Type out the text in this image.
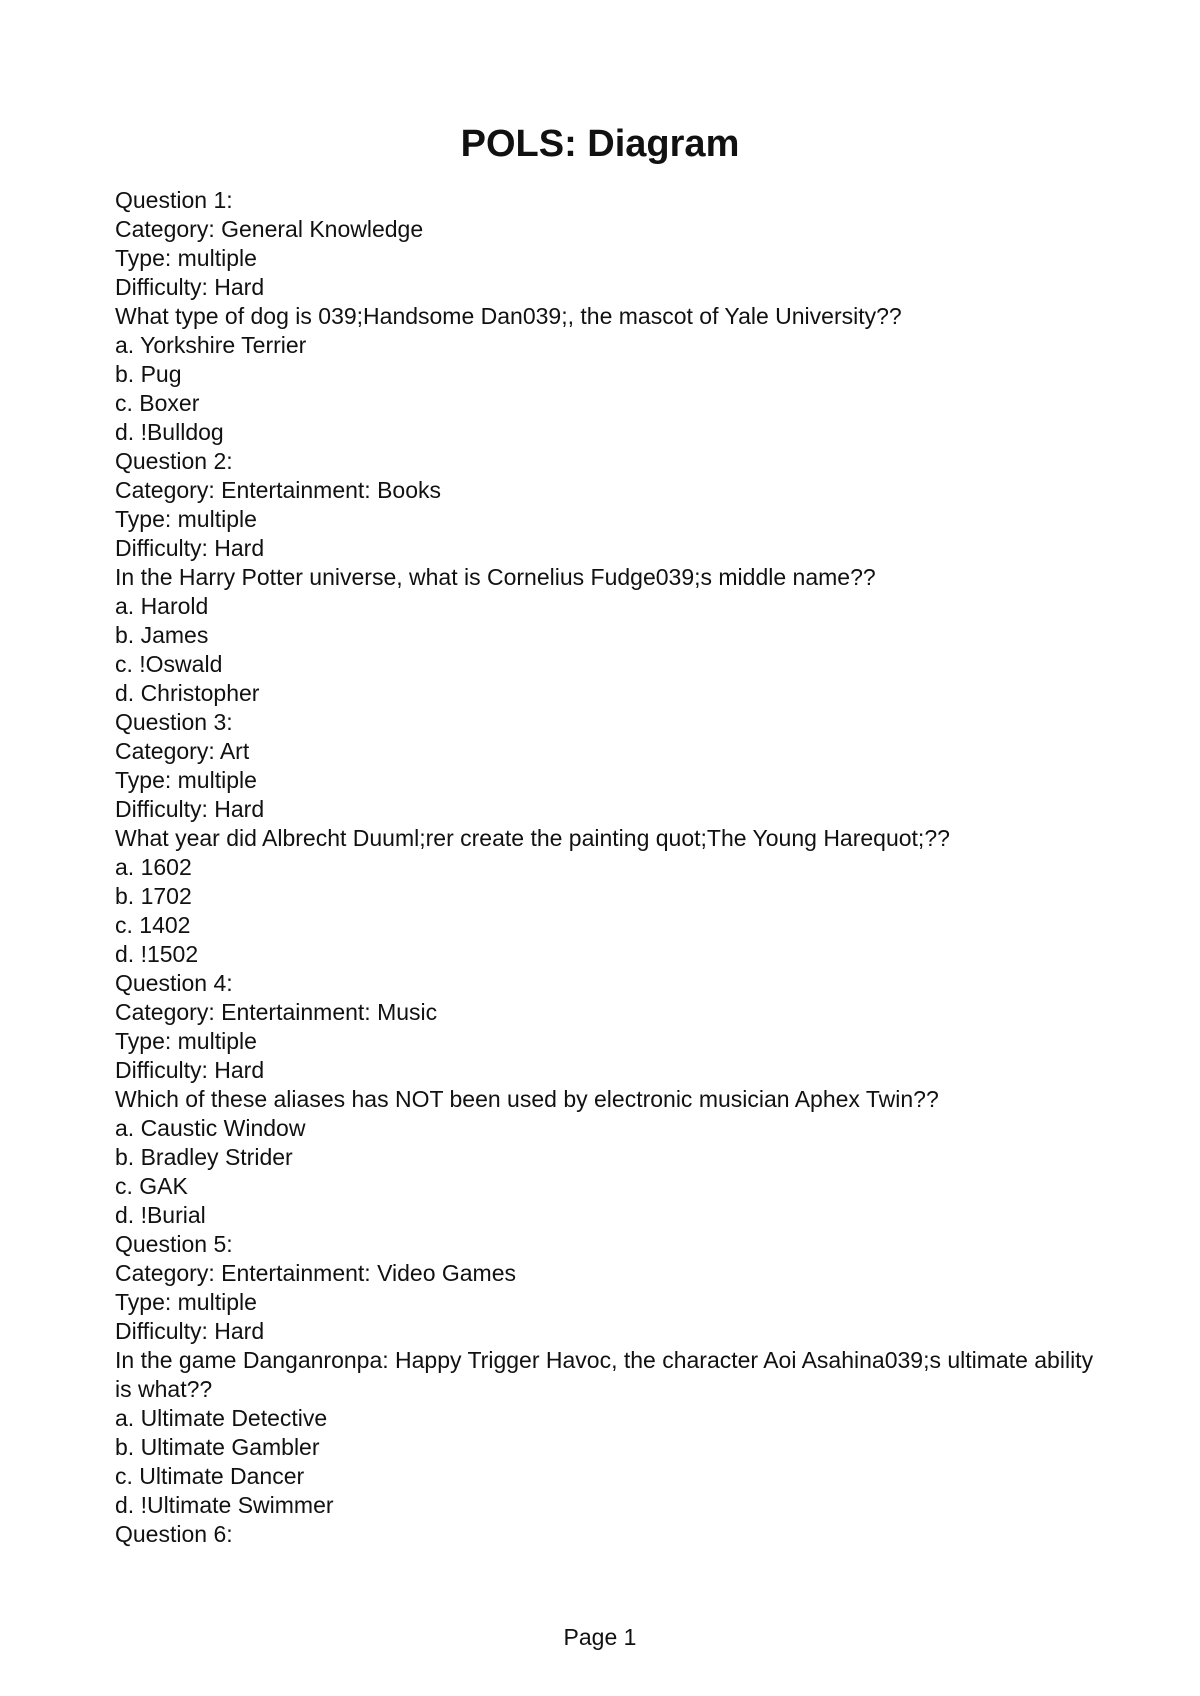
POLS: Diagram
Question 1:
Category: General Knowledge
Type: multiple
Difficulty: Hard
What type of dog is 039;Handsome Dan039;, the mascot of Yale University??
a. Yorkshire Terrier
b. Pug
c. Boxer
d. !Bulldog
Question 2:
Category: Entertainment: Books
Type: multiple
Difficulty: Hard
In the Harry Potter universe, what is Cornelius Fudge039;s middle name??
a. Harold
b. James
c. !Oswald
d. Christopher
Question 3:
Category: Art
Type: multiple
Difficulty: Hard
What year did Albrecht Duuml;rer create the painting quot;The Young Harequot;??
a. 1602
b. 1702
c. 1402
d. !1502
Question 4:
Category: Entertainment: Music
Type: multiple
Difficulty: Hard
Which of these aliases has NOT been used by electronic musician Aphex Twin??
a. Caustic Window
b. Bradley Strider
c. GAK
d. !Burial
Question 5:
Category: Entertainment: Video Games
Type: multiple
Difficulty: Hard
In the game Danganronpa: Happy Trigger Havoc, the character Aoi Asahina039;s ultimate ability is what??
a. Ultimate Detective
b. Ultimate Gambler
c. Ultimate Dancer
d. !Ultimate Swimmer
Question 6:
Page 1
